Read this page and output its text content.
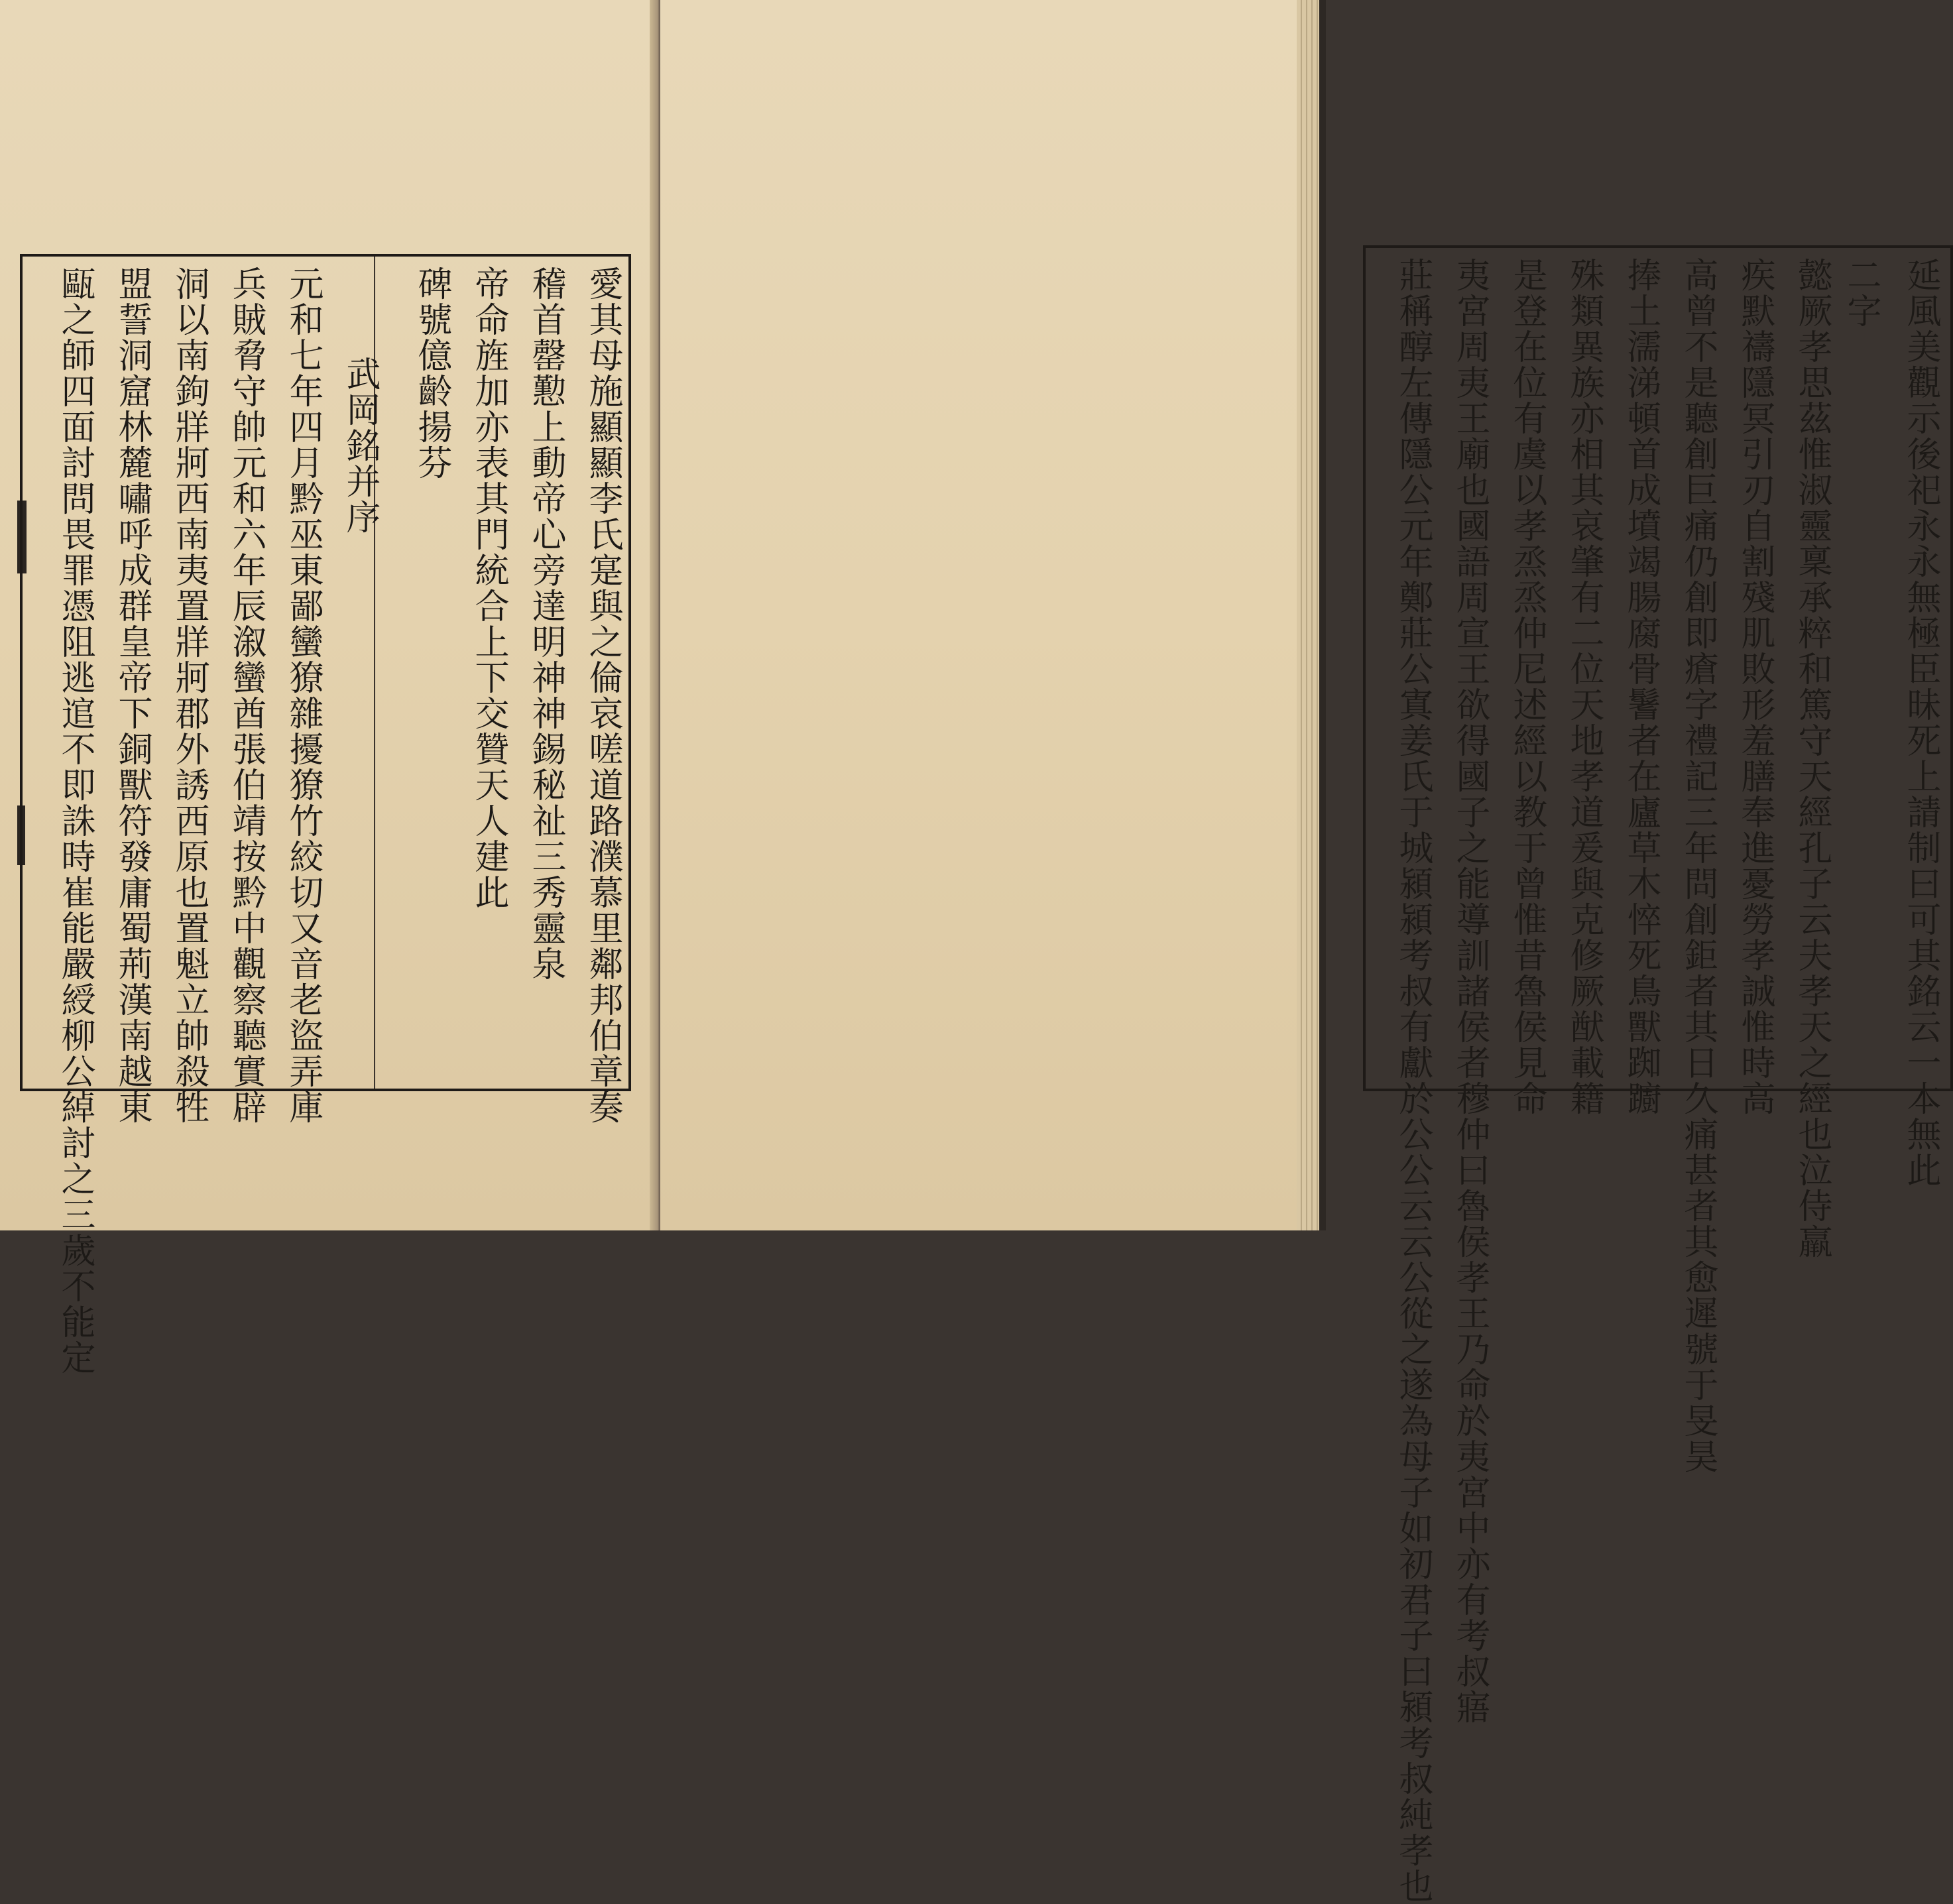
愛其母施顯顯李氏寔與之倫哀嗟道路濮慕里鄰邦伯章奏
稽首罄懃上動帝心旁達明神神錫秘祉三秀靈泉
帝命旌加亦表其門統合上下交贊天人建此
碑號億齡揚芬
武岡銘并序
元和七年四月黔巫東鄙蠻獠雜擾獠竹絞切又音老盜弄庫
兵賊脅守帥元和六年辰溆蠻酋張伯靖按黔中觀察聽實辟
洞以南鉤牂牁西南夷置牂牁郡外誘西原也置魁立帥殺牲
盟誓洞窟林麓嘯呼成群皇帝下銅獸符發庸蜀荊漢南越東
甌之師四面討問畏罪憑阻逃逭不即誅時崔能嚴綬柳公綽討之三歲不能定	延風美觀示後祀永永無極臣昧死上請制曰可其銘云一本無此
二字
懿厥孝思茲惟淑靈稟承粹和篤守天經孔子云夫孝天之經也泣侍羸
疾默禱隱冥引刃自割殘肌敗形羞膳奉進憂勞孝誠惟時高
高曾不是聽創巨痛仍創即瘡字禮記三年問創鉅者其日久痛甚者其愈遲號于旻昊
捧土濡涕頓首成墳竭腸腐骨鬐者在廬草木悴死鳥獸踟躕
殊類異族亦相其哀肇有二位天地孝道爰與克修厥猷載籍
是登在位有虞以孝烝烝仲尼述經以教于曾惟昔魯侯見命
夷宮周夷王廟也國語周宣王欲得國子之能導訓諸侯者穆仲曰魯侯孝王乃命於夷宮中亦有考叔寤
莊稱醇左傳隱公元年鄭莊公寘姜氏于城潁潁考叔有獻於公公云云公從之遂為母子如初君子曰潁考叔純孝也
